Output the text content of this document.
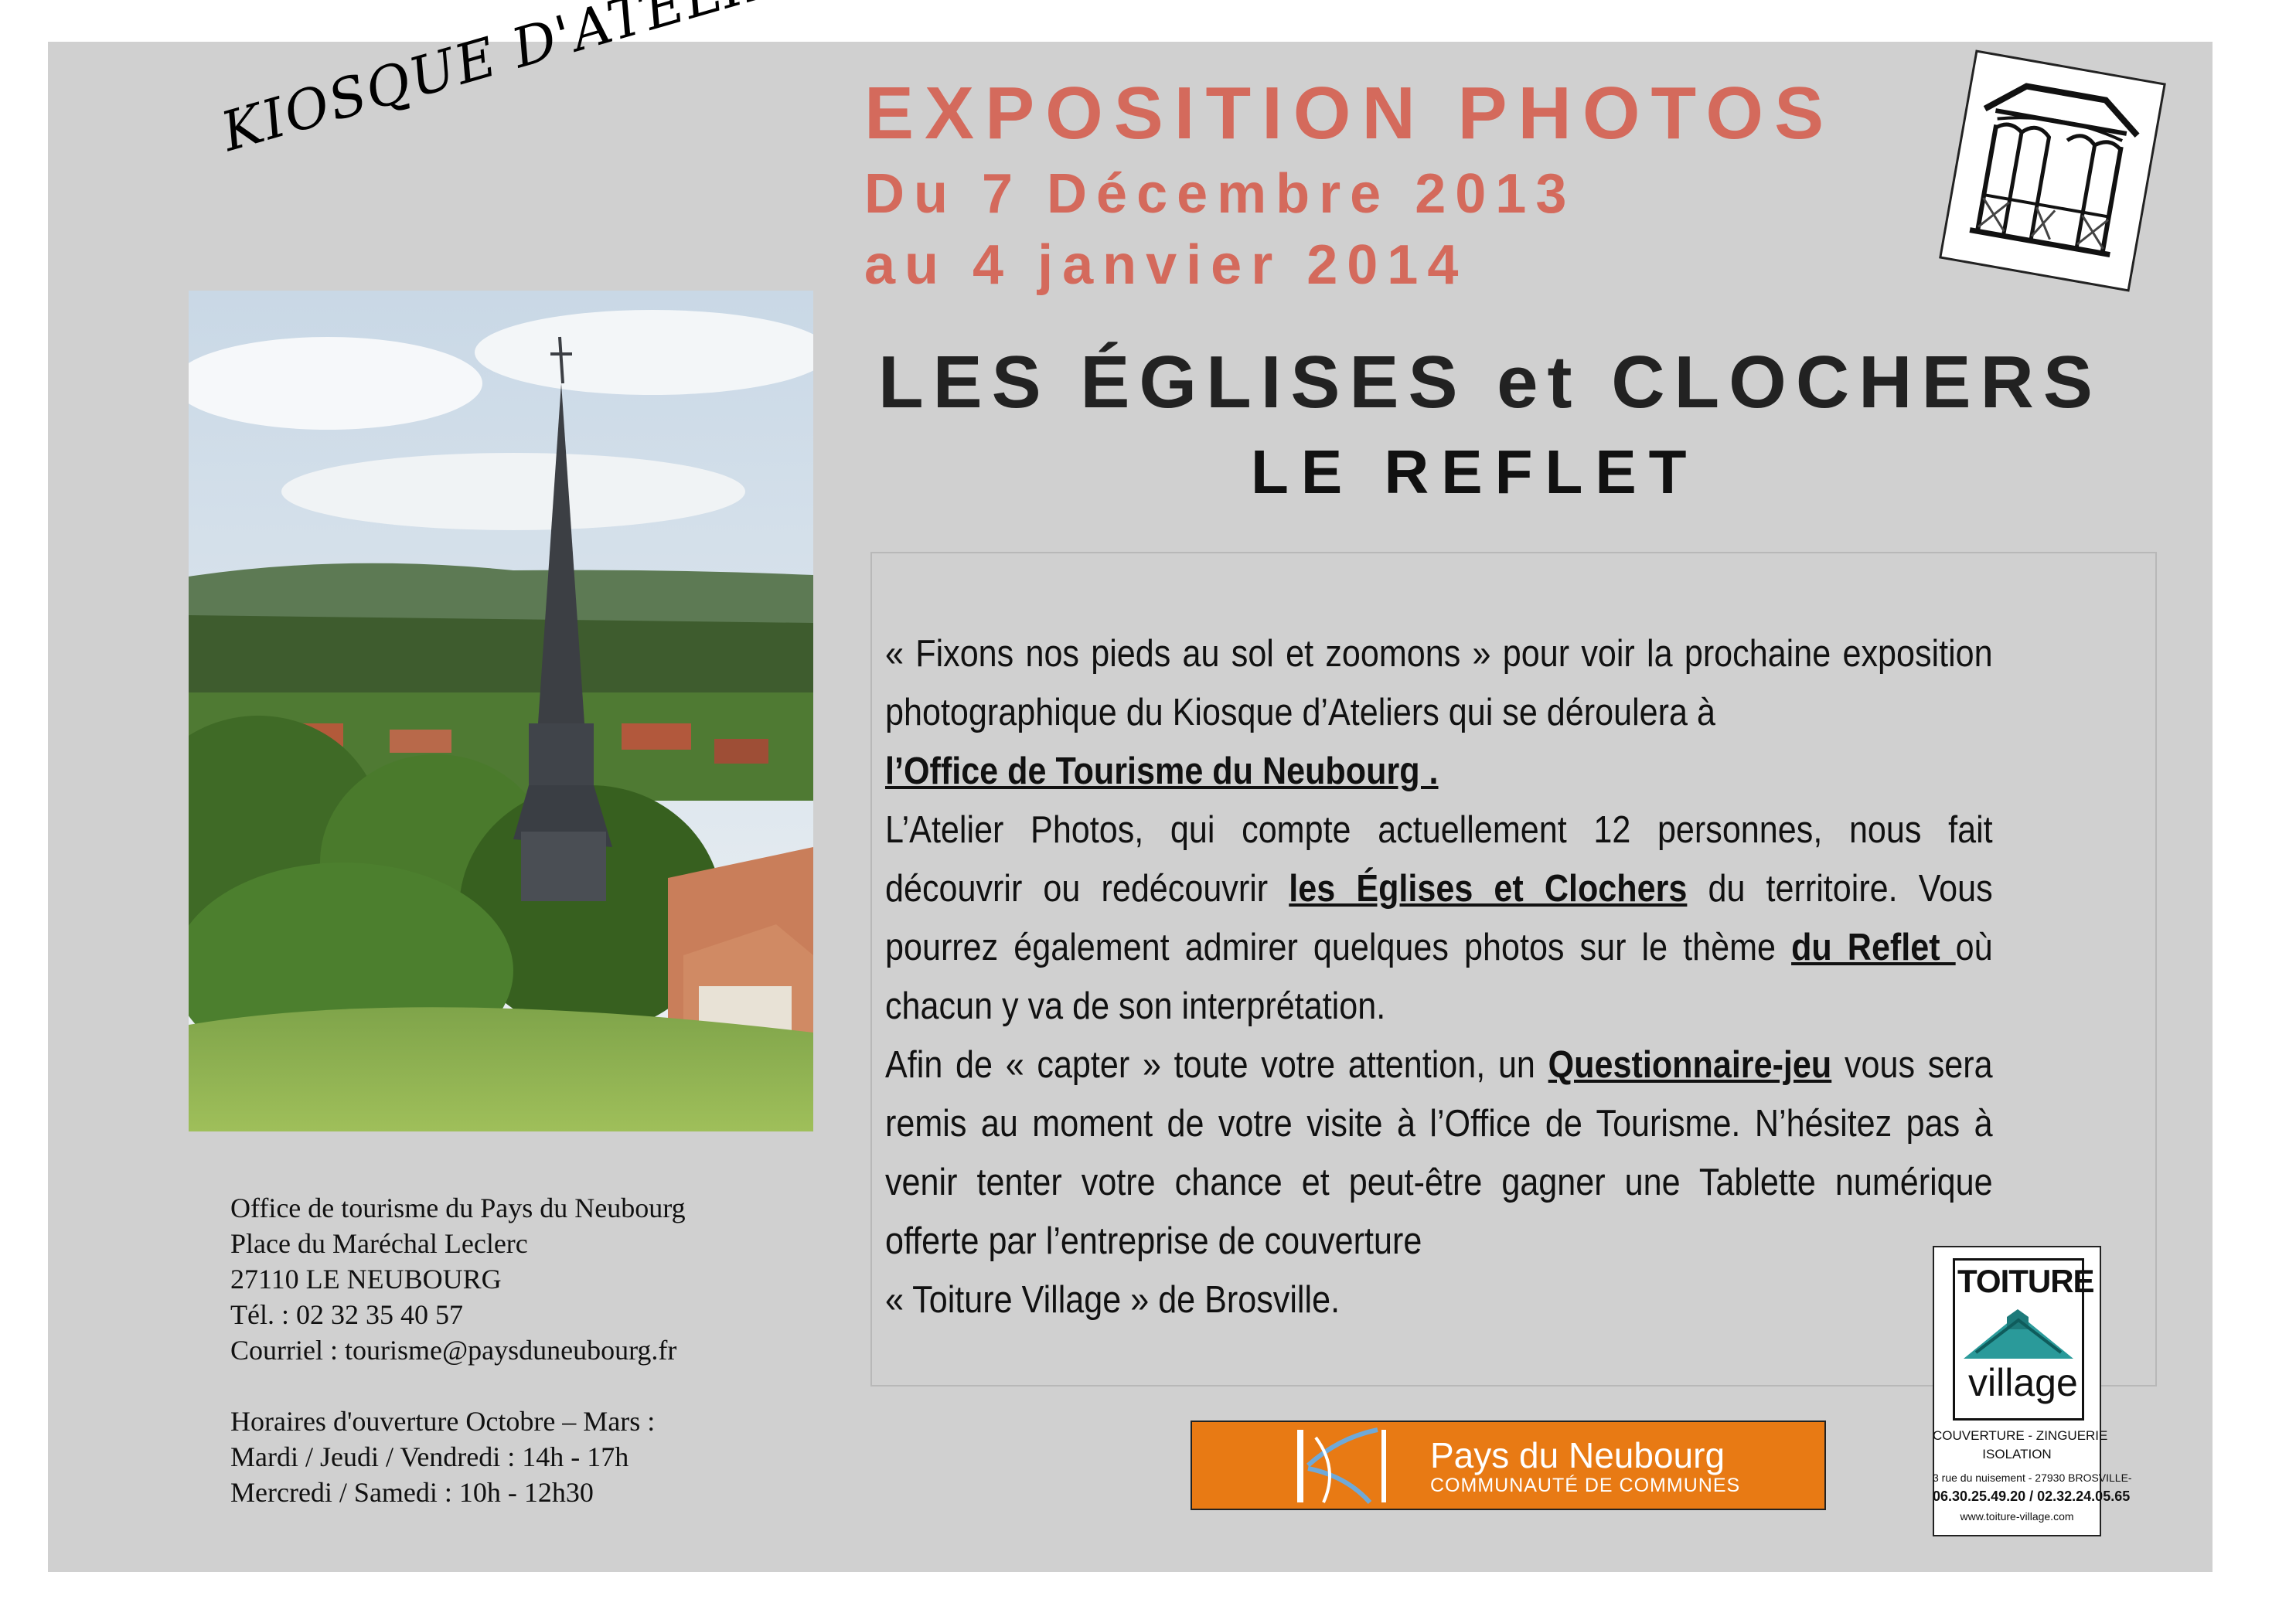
EXPOSITION PHOTOS
Du 7 Décembre 2013
au 4 janvier 2014
LES ÉGLISES et CLOCHERS
LE REFLET

« Fixons nos pieds au sol et zoomons » pour voir la prochaine exposition photographique du Kiosque d’Ateliers qui se déroulera à
l’Office de Tourisme du Neubourg .

L’Atelier Photos, qui compte actuellement 12 personnes, nous fait découvrir ou redécouvrir les Églises et Clochers du territoire. Vous pourrez également admirer quelques photos sur le thème du Reflet où chacun y va de son interprétation.

Afin de « capter » toute votre attention, un Questionnaire-jeu vous sera remis au moment de votre visite à l’Office de Tourisme. N’hésitez pas à venir tenter votre chance et peut-être gagner une Tablette numérique offerte par l’entreprise de couverture

« Toiture Village » de Brosville.

Office de tourisme du Pays du Neubourg
Place du Maréchal Leclerc
27110 LE NEUBOURG
Tél. : 02 32 35 40 57
Courriel : tourisme@paysduneubourg.fr
Horaires d'ouverture Octobre – Mars :
Mardi / Jeudi / Vendredi : 14h - 17h
Mercredi / Samedi : 10h - 12h30
Pays du Neubourg
COMMUNAUTÉ DE COMMUNES
TOITURE
village
COUVERTURE - ZINGUERIE
ISOLATION
3 rue du nuisement - 27930 BROSVILLE-
06.30.25.49.20 / 02.32.24.05.65
www.toiture-village.com
